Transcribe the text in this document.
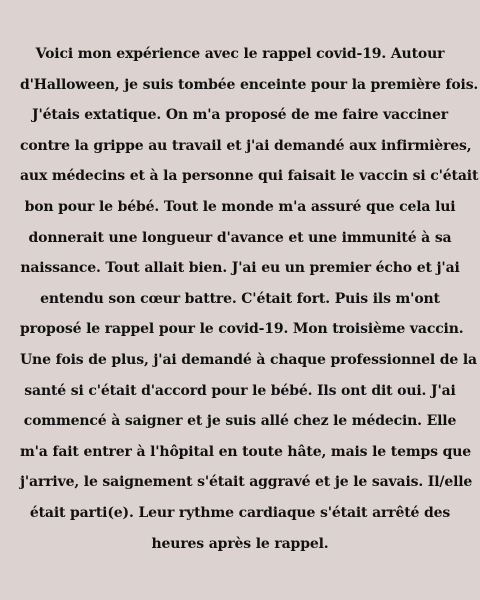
Voici mon expérience avec le rappel covid-19. Autour
d'Halloween, je suis tombée enceinte pour la première fois.
J'étais extatique. On m'a proposé de me faire vacciner
contre la grippe au travail et j'ai demandé aux infirmières,
aux médecins et à la personne qui faisait le vaccin si c'était
bon pour le bébé. Tout le monde m'a assuré que cela lui
donnerait une longueur d'avance et une immunité à sa
naissance. Tout allait bien. J'ai eu un premier écho et j'ai
entendu son cœur battre. C'était fort. Puis ils m'ont
proposé le rappel pour le covid-19. Mon troisième vaccin.
Une fois de plus, j'ai demandé à chaque professionnel de la
santé si c'était d'accord pour le bébé. Ils ont dit oui. J'ai
commencé à saigner et je suis allé chez le médecin. Elle
m'a fait entrer à l'hôpital en toute hâte, mais le temps que
j'arrive, le saignement s'était aggravé et je le savais. Il/elle
était parti(e). Leur rythme cardiaque s'était arrêté des
heures après le rappel.
